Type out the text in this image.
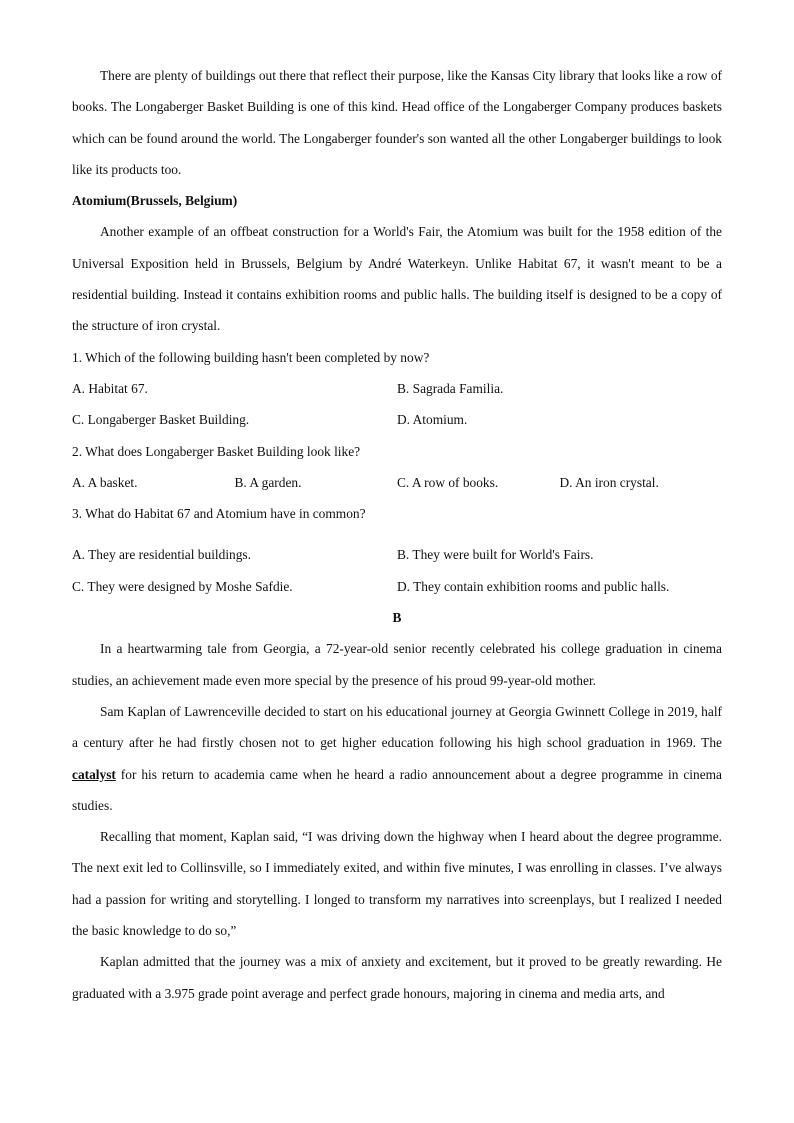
There are plenty of buildings out there that reflect their purpose, like the Kansas City library that looks like a row of books. The Longaberger Basket Building is one of this kind. Head office of the Longaberger Company produces baskets which can be found around the world. The Longaberger founder's son wanted all the other Longaberger buildings to look like its products too.

Atomium(Brussels, Belgium)

Another example of an offbeat construction for a World's Fair, the Atomium was built for the 1958 edition of the Universal Exposition held in Brussels, Belgium by André Waterkeyn. Unlike Habitat 67, it wasn't meant to be a residential building. Instead it contains exhibition rooms and public halls. The building itself is designed to be a copy of the structure of iron crystal.

1. Which of the following building hasn't been completed by now?

A. Habitat 67.	B. Sagrada Familia.
C. Longaberger Basket Building.	D. Atomium.

2. What does Longaberger Basket Building look like?

A. A basket.	B. A garden.	C. A row of books.	D. An iron crystal.

3. What do Habitat 67 and Atomium have in common?

A. They are residential buildings.	B. They were built for World's Fairs.
C. They were designed by Moshe Safdie.	D. They contain exhibition rooms and public halls.

B

In a heartwarming tale from Georgia, a 72-year-old senior recently celebrated his college graduation in cinema studies, an achievement made even more special by the presence of his proud 99-year-old mother.

Sam Kaplan of Lawrenceville decided to start on his educational journey at Georgia Gwinnett College in 2019, half a century after he had firstly chosen not to get higher education following his high school graduation in 1969. The catalyst for his return to academia came when he heard a radio announcement about a degree programme in cinema studies.

Recalling that moment, Kaplan said, “I was driving down the highway when I heard about the degree programme. The next exit led to Collinsville, so I immediately exited, and within five minutes, I was enrolling in classes. I’ve always had a passion for writing and storytelling. I longed to transform my narratives into screenplays, but I realized I needed the basic knowledge to do so,”

Kaplan admitted that the journey was a mix of anxiety and excitement, but it proved to be greatly rewarding. He graduated with a 3.975 grade point average and perfect grade honours, majoring in cinema and media arts, and
